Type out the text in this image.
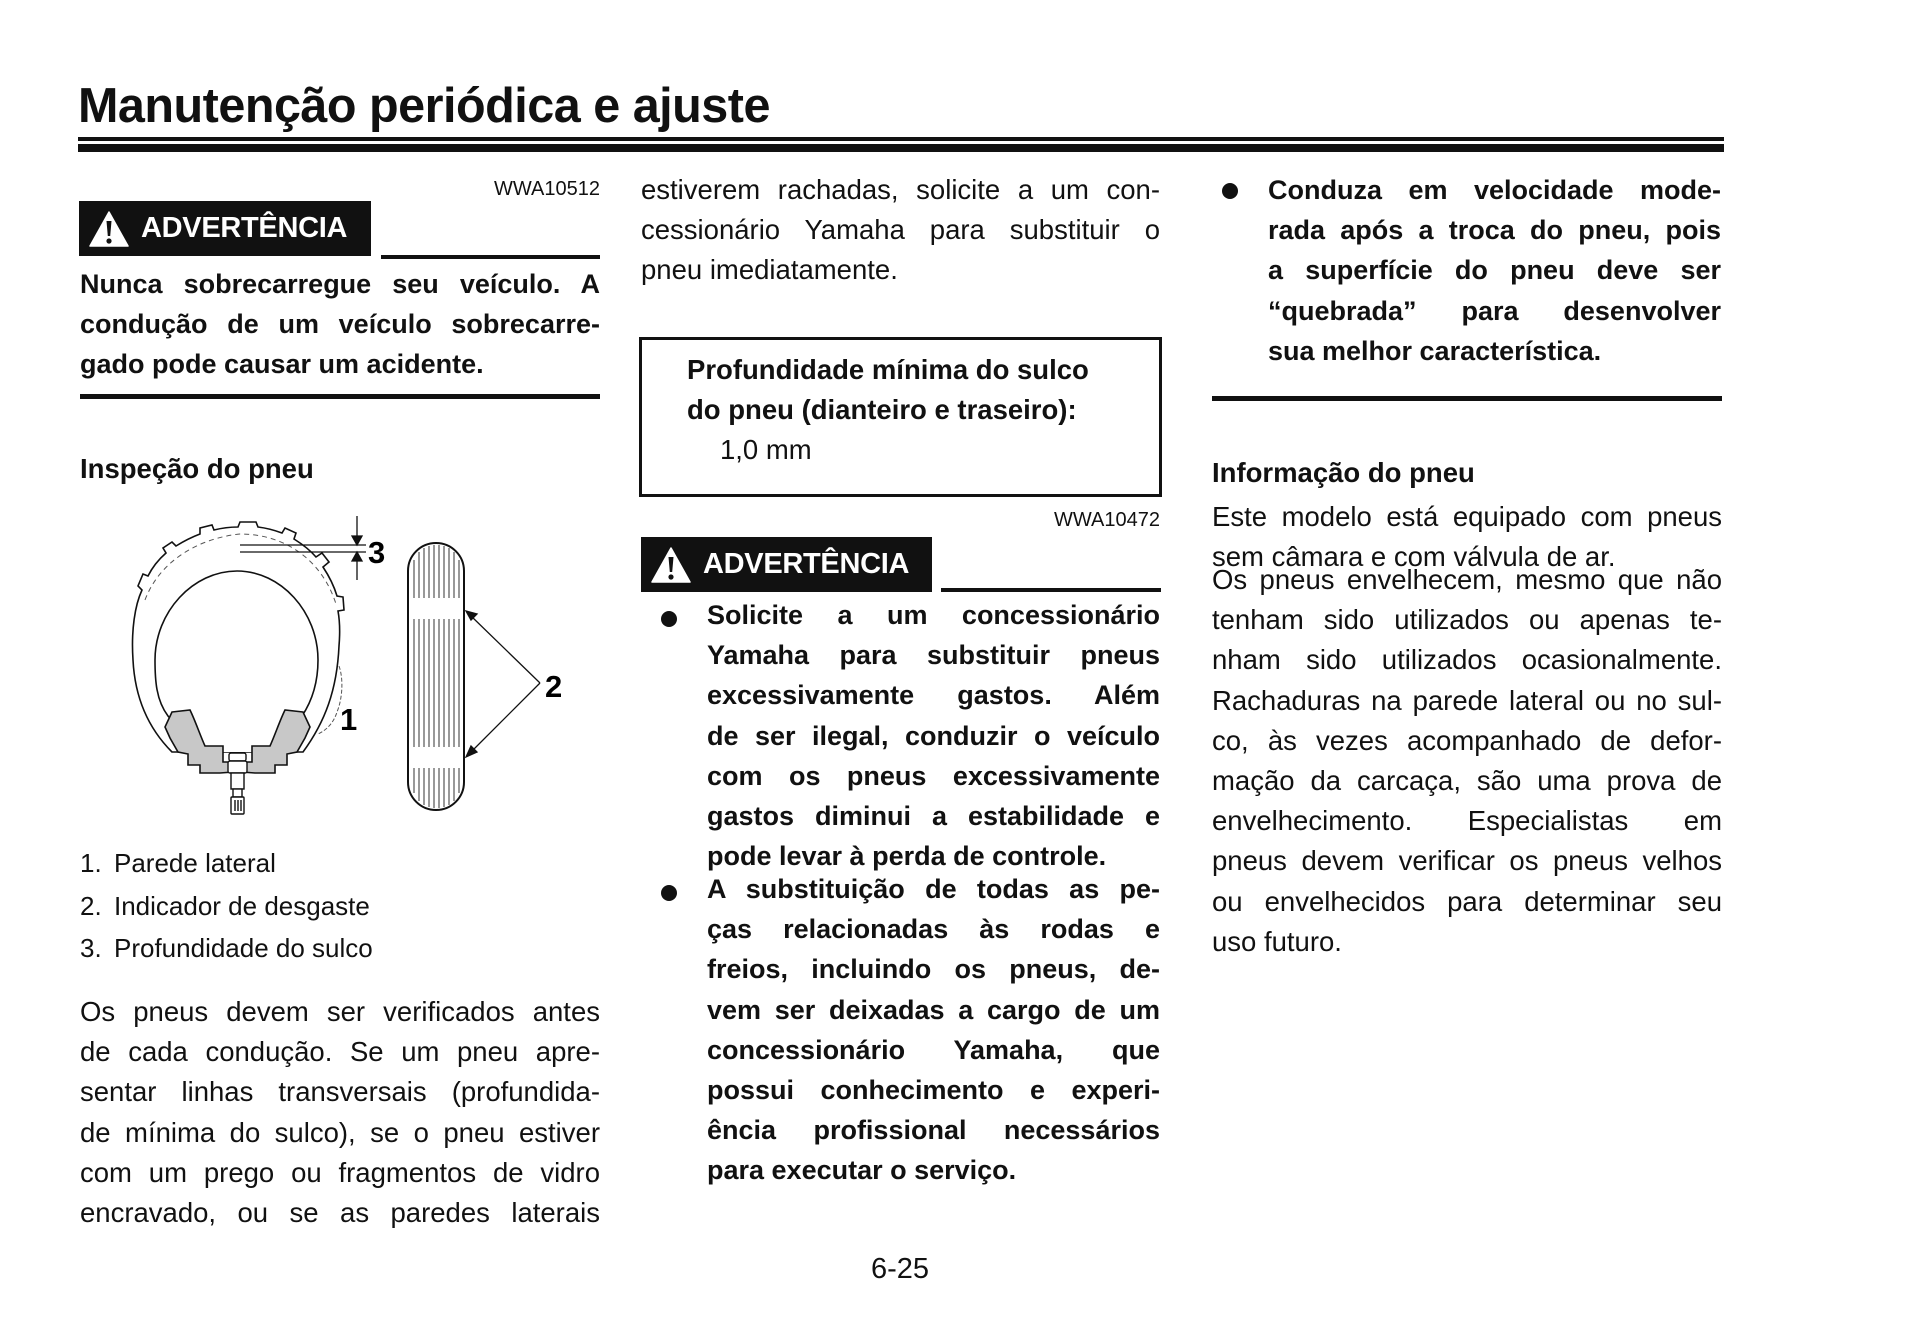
Manutenção periódica e ajuste
WWA10512
ADVERTÊNCIA
Nunca sobrecarregue seu veículo. A
condução de um veículo sobrecarre-
gado pode causar um acidente.
Inspeção do pneu
1
3
2
1. Parede lateral
2. Indicador de desgaste
3. Profundidade do sulco
Os pneus devem ser verificados antes
de cada condução. Se um pneu apre-
sentar linhas transversais (profundida-
de mínima do sulco), se o pneu estiver
com um prego ou fragmentos de vidro
encravado, ou se as paredes laterais
estiverem rachadas, solicite a um con-
cessionário Yamaha para substituir o
pneu imediatamente.
Profundidade mínima do sulco
do pneu (dianteiro e traseiro):
1,0 mm
WWA10472
ADVERTÊNCIA
Solicite a um concessionário
Yamaha para substituir pneus
excessivamente gastos. Além
de ser ilegal, conduzir o veículo
com os pneus excessivamente
gastos diminui a estabilidade e
pode levar à perda de controle.
A substituição de todas as pe-
ças relacionadas às rodas e
freios, incluindo os pneus, de-
vem ser deixadas a cargo de um
concessionário Yamaha, que
possui conhecimento e experi-
ência profissional necessários
para executar o serviço.
Conduza em velocidade mode-
rada após a troca do pneu, pois
a superfície do pneu deve ser
“quebrada” para desenvolver
sua melhor característica.
Informação do pneu
Este modelo está equipado com pneus
sem câmara e com válvula de ar.
Os pneus envelhecem, mesmo que não
tenham sido utilizados ou apenas te-
nham sido utilizados ocasionalmente.
Rachaduras na parede lateral ou no sul-
co, às vezes acompanhado de defor-
mação da carcaça, são uma prova de
envelhecimento. Especialistas em
pneus devem verificar os pneus velhos
ou envelhecidos para determinar seu
uso futuro.
6-25
